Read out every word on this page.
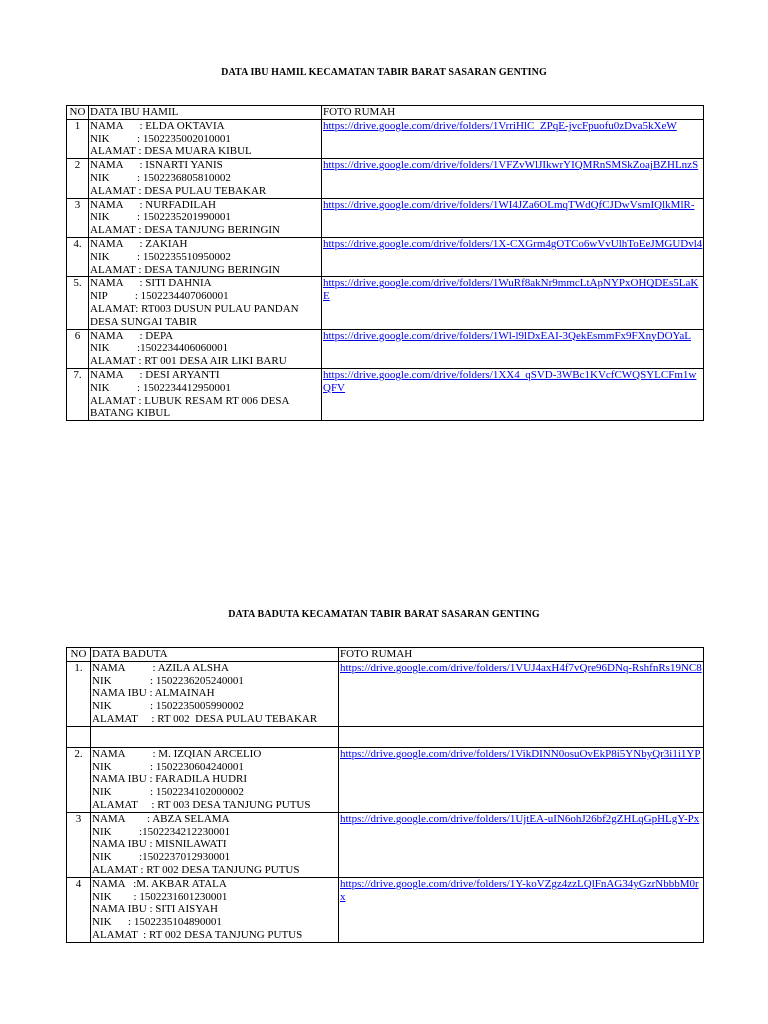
DATA IBU HAMIL KECAMATAN TABIR BARAT SASARAN GENTING
NO	DATA IBU HAMIL	FOTO RUMAH
1	NAMA      : ELDA OKTAVIA
NIK          : 1502235002010001
ALAMAT : DESA MUARA KIBUL	https://drive.google.com/drive/folders/1VrriHlC_ZPqE-jvcFpuofu0zDva5kXeW
2	NAMA      : ISNARTI YANIS
NIK          : 1502236805810002
ALAMAT : DESA PULAU TEBAKAR	https://drive.google.com/drive/folders/1VFZvWlJIkwrYIQMRnSMSkZoajBZHLnzS
3	NAMA      : NURFADILAH
NIK          : 1502235201990001
ALAMAT : DESA TANJUNG BERINGIN	https://drive.google.com/drive/folders/1WI4JZa6OLmqTWdQfCJDwVsmIQlkMlR-
4.	NAMA      : ZAKIAH
NIK          : 1502235510950002
ALAMAT : DESA TANJUNG BERINGIN	https://drive.google.com/drive/folders/1X-CXGrm4gOTCo6wVvUlhToEeJMGUDvl4
5.	NAMA      : SITI DAHNIA
NIP          : 1502234407060001
ALAMAT: RT003 DUSUN PULAU PANDAN
DESA SUNGAI TABIR	https://drive.google.com/drive/folders/1WuRf8akNr9mmcLtApNYPxOHQDEs5LaKE
6	NAMA      : DEPA
NIK          :1502234406060001
ALAMAT : RT 001 DESA AIR LIKI BARU	https://drive.google.com/drive/folders/1Wl-l9lDxEAI-3QekEsmmFx9FXnyDOYaL
7.	NAMA      : DESI ARYANTI
NIK          : 1502234412950001
ALAMAT : LUBUK RESAM RT 006 DESA
BATANG KIBUL	https://drive.google.com/drive/folders/1XX4_qSVD-3WBc1KVcfCWQSYLCFm1wQFV
DATA BADUTA KECAMATAN TABIR BARAT SASARAN GENTING
NO	DATA BADUTA	FOTO RUMAH
1.	NAMA          : AZILA ALSHA
NIK              : 1502236205240001
NAMA IBU : ALMAINAH
NIK              : 1502235005990002
ALAMAT     : RT 002  DESA PULAU TEBAKAR	https://drive.google.com/drive/folders/1VUJ4axH4f7vQre96DNq-RshfnRs19NC8

2.	NAMA          : M. IZQIAN ARCELIO
NIK              : 1502230604240001
NAMA IBU : FARADILA HUDRI
NIK              : 1502234102000002
ALAMAT     : RT 003 DESA TANJUNG PUTUS	https://drive.google.com/drive/folders/1VikDINN0osuOvEkP8i5YNbyQr3i1i1YP
3	NAMA        : ABZA SELAMA
NIK          :1502234212230001
NAMA IBU : MISNILAWATI
NIK          :1502237012930001
ALAMAT : RT 002 DESA TANJUNG PUTUS	https://drive.google.com/drive/folders/1UjtEA-uIN6ohJ26bf2gZHLqGpHLgY-Px
4	NAMA   :M. AKBAR ATALA
NIK        : 1502231601230001
NAMA IBU : SITI AISYAH
NIK      : 1502235104890001
ALAMAT  : RT 002 DESA TANJUNG PUTUS	https://drive.google.com/drive/folders/1Y-koVZgz4zzLQlFnAG34yGzrNbbbM0rx
